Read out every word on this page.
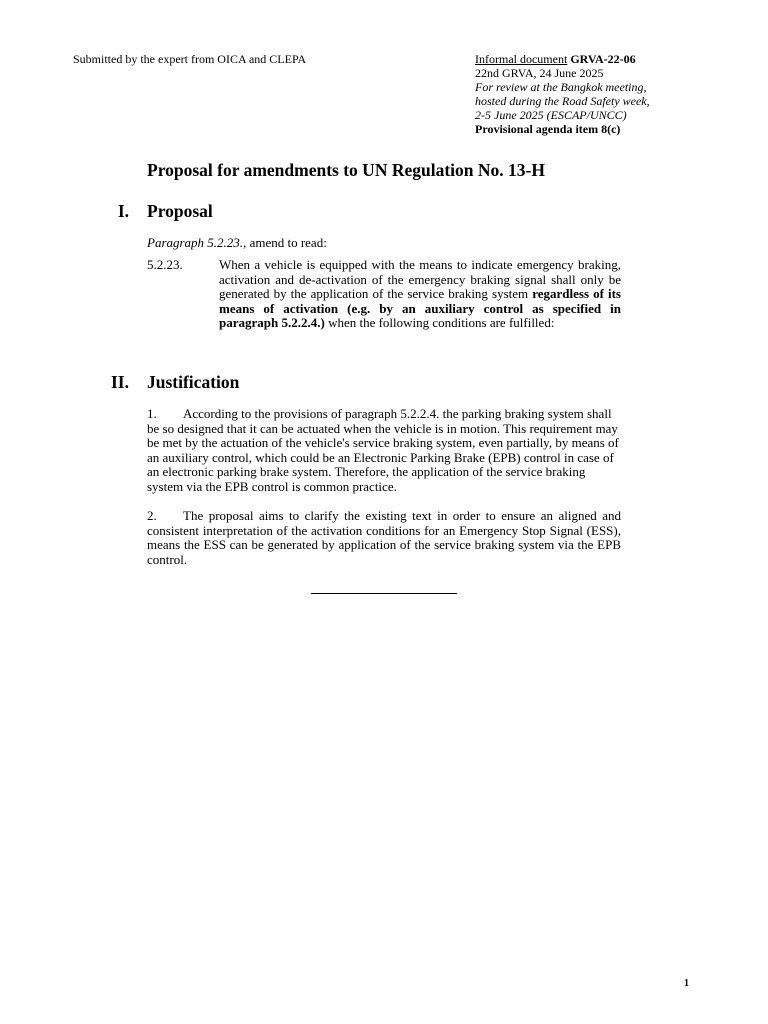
Submitted by the expert from OICA and CLEPA	Informal document GRVA-22-06
22nd GRVA, 24 June 2025
For review at the Bangkok meeting,
hosted during the Road Safety week,
2-5 June 2025 (ESCAP/UNCC)
Provisional agenda item 8(c)
Proposal for amendments to UN Regulation No. 13-H
I. Proposal
Paragraph 5.2.23., amend to read:
5.2.23.	When a vehicle is equipped with the means to indicate emergency braking, activation and de-activation of the emergency braking signal shall only be generated by the application of the service braking system regardless of its means of activation (e.g. by an auxiliary control as specified in paragraph 5.2.2.4.) when the following conditions are fulfilled:
II. Justification
1. According to the provisions of paragraph 5.2.2.4. the parking braking system shall be so designed that it can be actuated when the vehicle is in motion. This requirement may be met by the actuation of the vehicle's service braking system, even partially, by means of an auxiliary control, which could be an Electronic Parking Brake (EPB) control in case of an electronic parking brake system. Therefore, the application of the service braking system via the EPB control is common practice.
2. The proposal aims to clarify the existing text in order to ensure an aligned and consistent interpretation of the activation conditions for an Emergency Stop Signal (ESS), means the ESS can be generated by application of the service braking system via the EPB control.
1
